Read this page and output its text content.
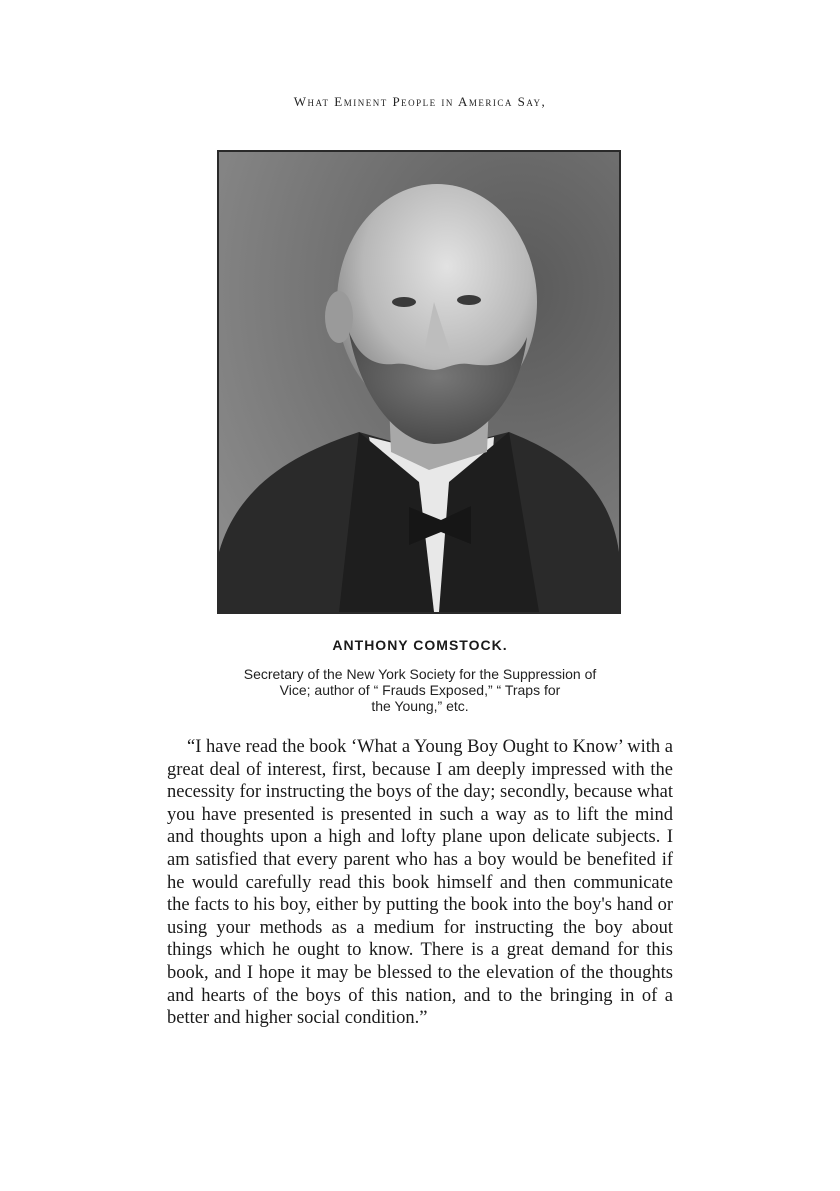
What Eminent People in America Say,
ANTHONY COMSTOCK.
Secretary of the New York Society for the Suppression of
Vice; author of “ Frauds Exposed,” “ Traps for
the Young,” etc.

“I have read the book ‘What a Young Boy Ought to Know’ with a great deal of interest, first, because I am deeply impressed with the necessity for instructing the boys of the day; secondly, because what you have presented is presented in such a way as to lift the mind and thoughts upon a high and lofty plane upon delicate subjects. I am satisfied that every parent who has a boy would be benefited if he would carefully read this book himself and then communicate the facts to his boy, either by putting the book into the boy's hand or using your methods as a medium for instructing the boy about things which he ought to know. There is a great demand for this book, and I hope it may be blessed to the elevation of the thoughts and hearts of the boys of this nation, and to the bringing in of a better and higher social condition.”
